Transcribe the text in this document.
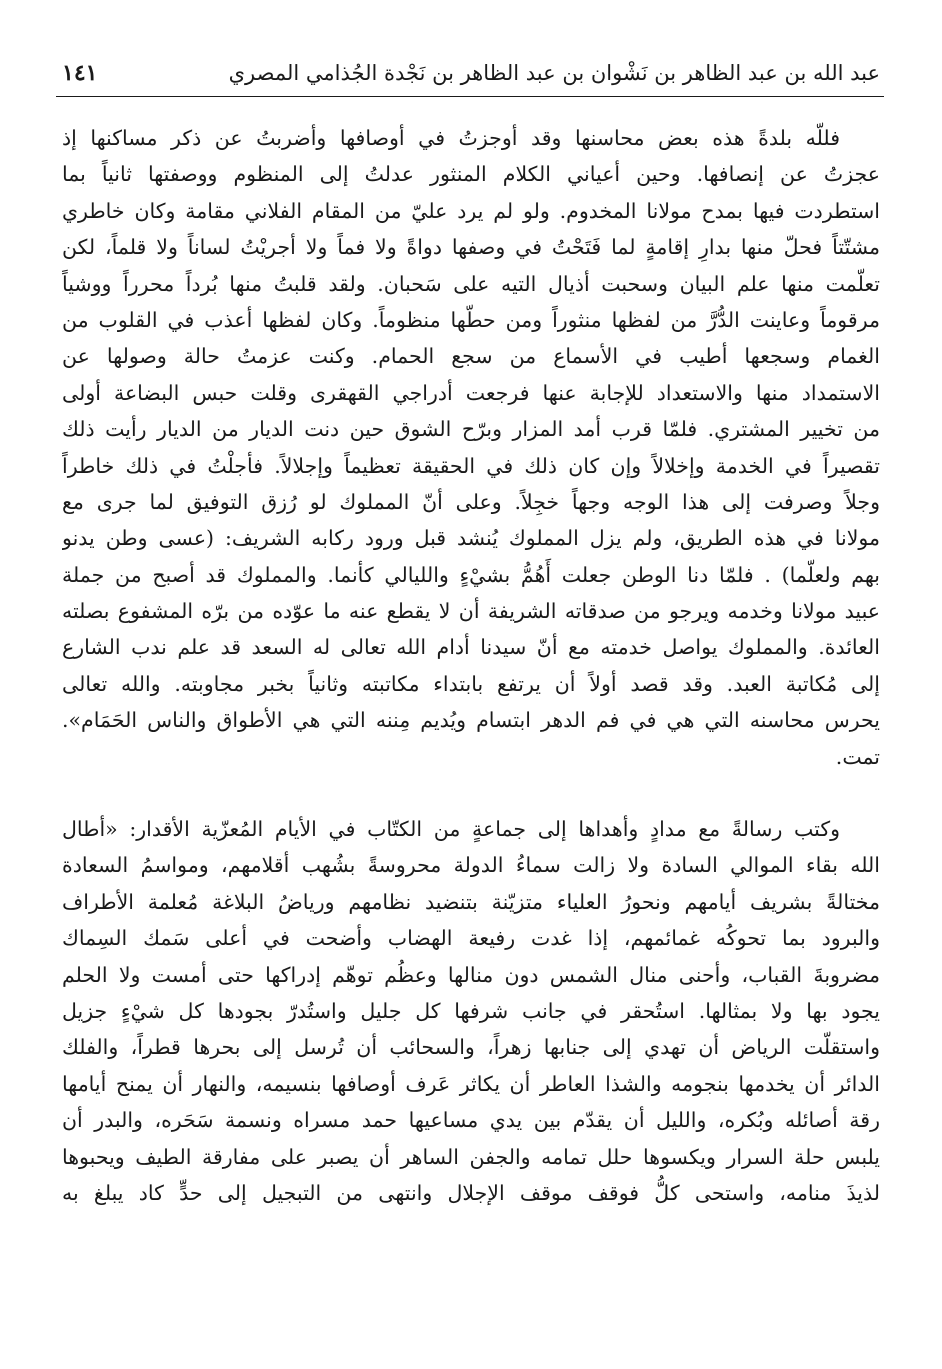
عبد الله بن عبد الظاهر بن نَشْوان بن عبد الظاهر بن نَجْدة الجُذامي المصري
١٤١
فللّه بلدةً هذه بعض محاسنها وقد أوجزتُ في أوصافها وأضربتُ عن ذكر مساكنها إذ
عجزتُ عن إنصافها. وحين أعياني الكلام المنثور عدلتُ إلى المنظوم ووصفتها ثانياً بما
استطردت فيها بمدح مولانا المخدوم. ولو لم يرد عليّ من المقام الفلاني مقامة وكان خاطري
مشتّتاً فحلّ منها بدارِ إقامةٍ لما فَتَحْتُ في وصفها دواةً ولا فماً ولا أجريْتُ لساناً ولا قلماً، لكن
تعلّمت منها علم البيان وسحبت أذيال التيه على سَحبان. ولقد قلبتُ منها بُرداً محرراً ووشياً
مرقوماً وعاينت الدُّرَّ من لفظها منثوراً ومن حطّها منظوماً. وكان لفظها أعذب في القلوب من
الغمام وسجعها أطيب في الأسماع من سجع الحمام. وكنت عزمتُ حالة وصولها عن
الاستمداد منها والاستعداد للإجابة عنها فرجعت أدراجي القهقرى وقلت حبس البضاعة أولى
من تخيير المشتري. فلمّا قرب أمد المزار وبرّح الشوق حين دنت الديار من الديار رأيت ذلك
تقصيراً في الخدمة وإخلالاً وإن كان ذلك في الحقيقة تعظيماً وإجلالاً. فأجلْتُ في ذلك خاطراً
وجلاً وصرفت إلى هذا الوجه وجهاً خجِلاً. وعلى أنّ المملوك لو رُزق التوفيق لما جرى مع
مولانا في هذه الطريق، ولم يزل المملوك يُنشد قبل ورود ركابه الشريف: (عسى وطن يدنو
بهم ولعلّما) . فلمّا دنا الوطن جعلت أَهُمُّ بشيْءٍ والليالي كأنما. والمملوك قد أصبح من جملة
عبيد مولانا وخدمه ويرجو من صدقاته الشريفة أن لا يقطع عنه ما عوّده من برّه المشفوع بصلته
العائدة. والمملوك يواصل خدمته مع أنّ سيدنا أدام الله تعالى له السعد قد علم ندب الشارع
إلى مُكاتبة العبد. وقد قصد أولاً أن يرتفع بابتداء مكاتبته وثانياً بخبر مجاوبته. والله تعالى
يحرس محاسنه التي هي في فم الدهر ابتسام ويُديم مِننه التي هي الأطواق والناس الحَمَام».
تمت.
وكتب رسالةً مع مدادٍ وأهداها إلى جماعةٍ من الكتّاب في الأيام المُعزّية الأقدار: «أطال
الله بقاء الموالي السادة ولا زالت سماءُ الدولة محروسةً بشُهب أقلامهم، ومواسمُ السعادة
مختالةً بشريف أيامهم ونحورُ العلياء متزيّنة بتنضيد نظامهم ورياضُ البلاغة مُعلمة الأطراف
والبرود بما تحوكُه غمائمهم، إذا غدت رفيعة الهضاب وأضحت في أعلى سَمك السِماك
مضروبةَ القباب، وأحنى منال الشمس دون منالها وعظُم توهّم إدراكها حتى أمست ولا الحلم
يجود بها ولا بمثالها. استُحقر في جانب شرفها كل جليل واستُدرّ بجودها كل شيْءٍ جزيل
واستقلّت الرياض أن تهدي إلى جنابها زهراً، والسحائب أن تُرسل إلى بحرها قطراً، والفلك
الدائر أن يخدمها بنجومه والشذا العاطر أن يكاثر عَرف أوصافها بنسيمه، والنهار أن يمنح أيامها
رقة أصائله وبُكره، والليل أن يقدّم بين يدي مساعيها حمد مسراه ونسمة سَحَره، والبدر أن
يلبس حلة السرار ويكسوها حلل تمامه والجفن الساهر أن يصبر على مفارقة الطيف ويحبوها
لذيذَ منامه، واستحى كلُّ فوقف موقف الإجلال وانتهى من التبجيل إلى حدٍّ كاد يبلغ به
